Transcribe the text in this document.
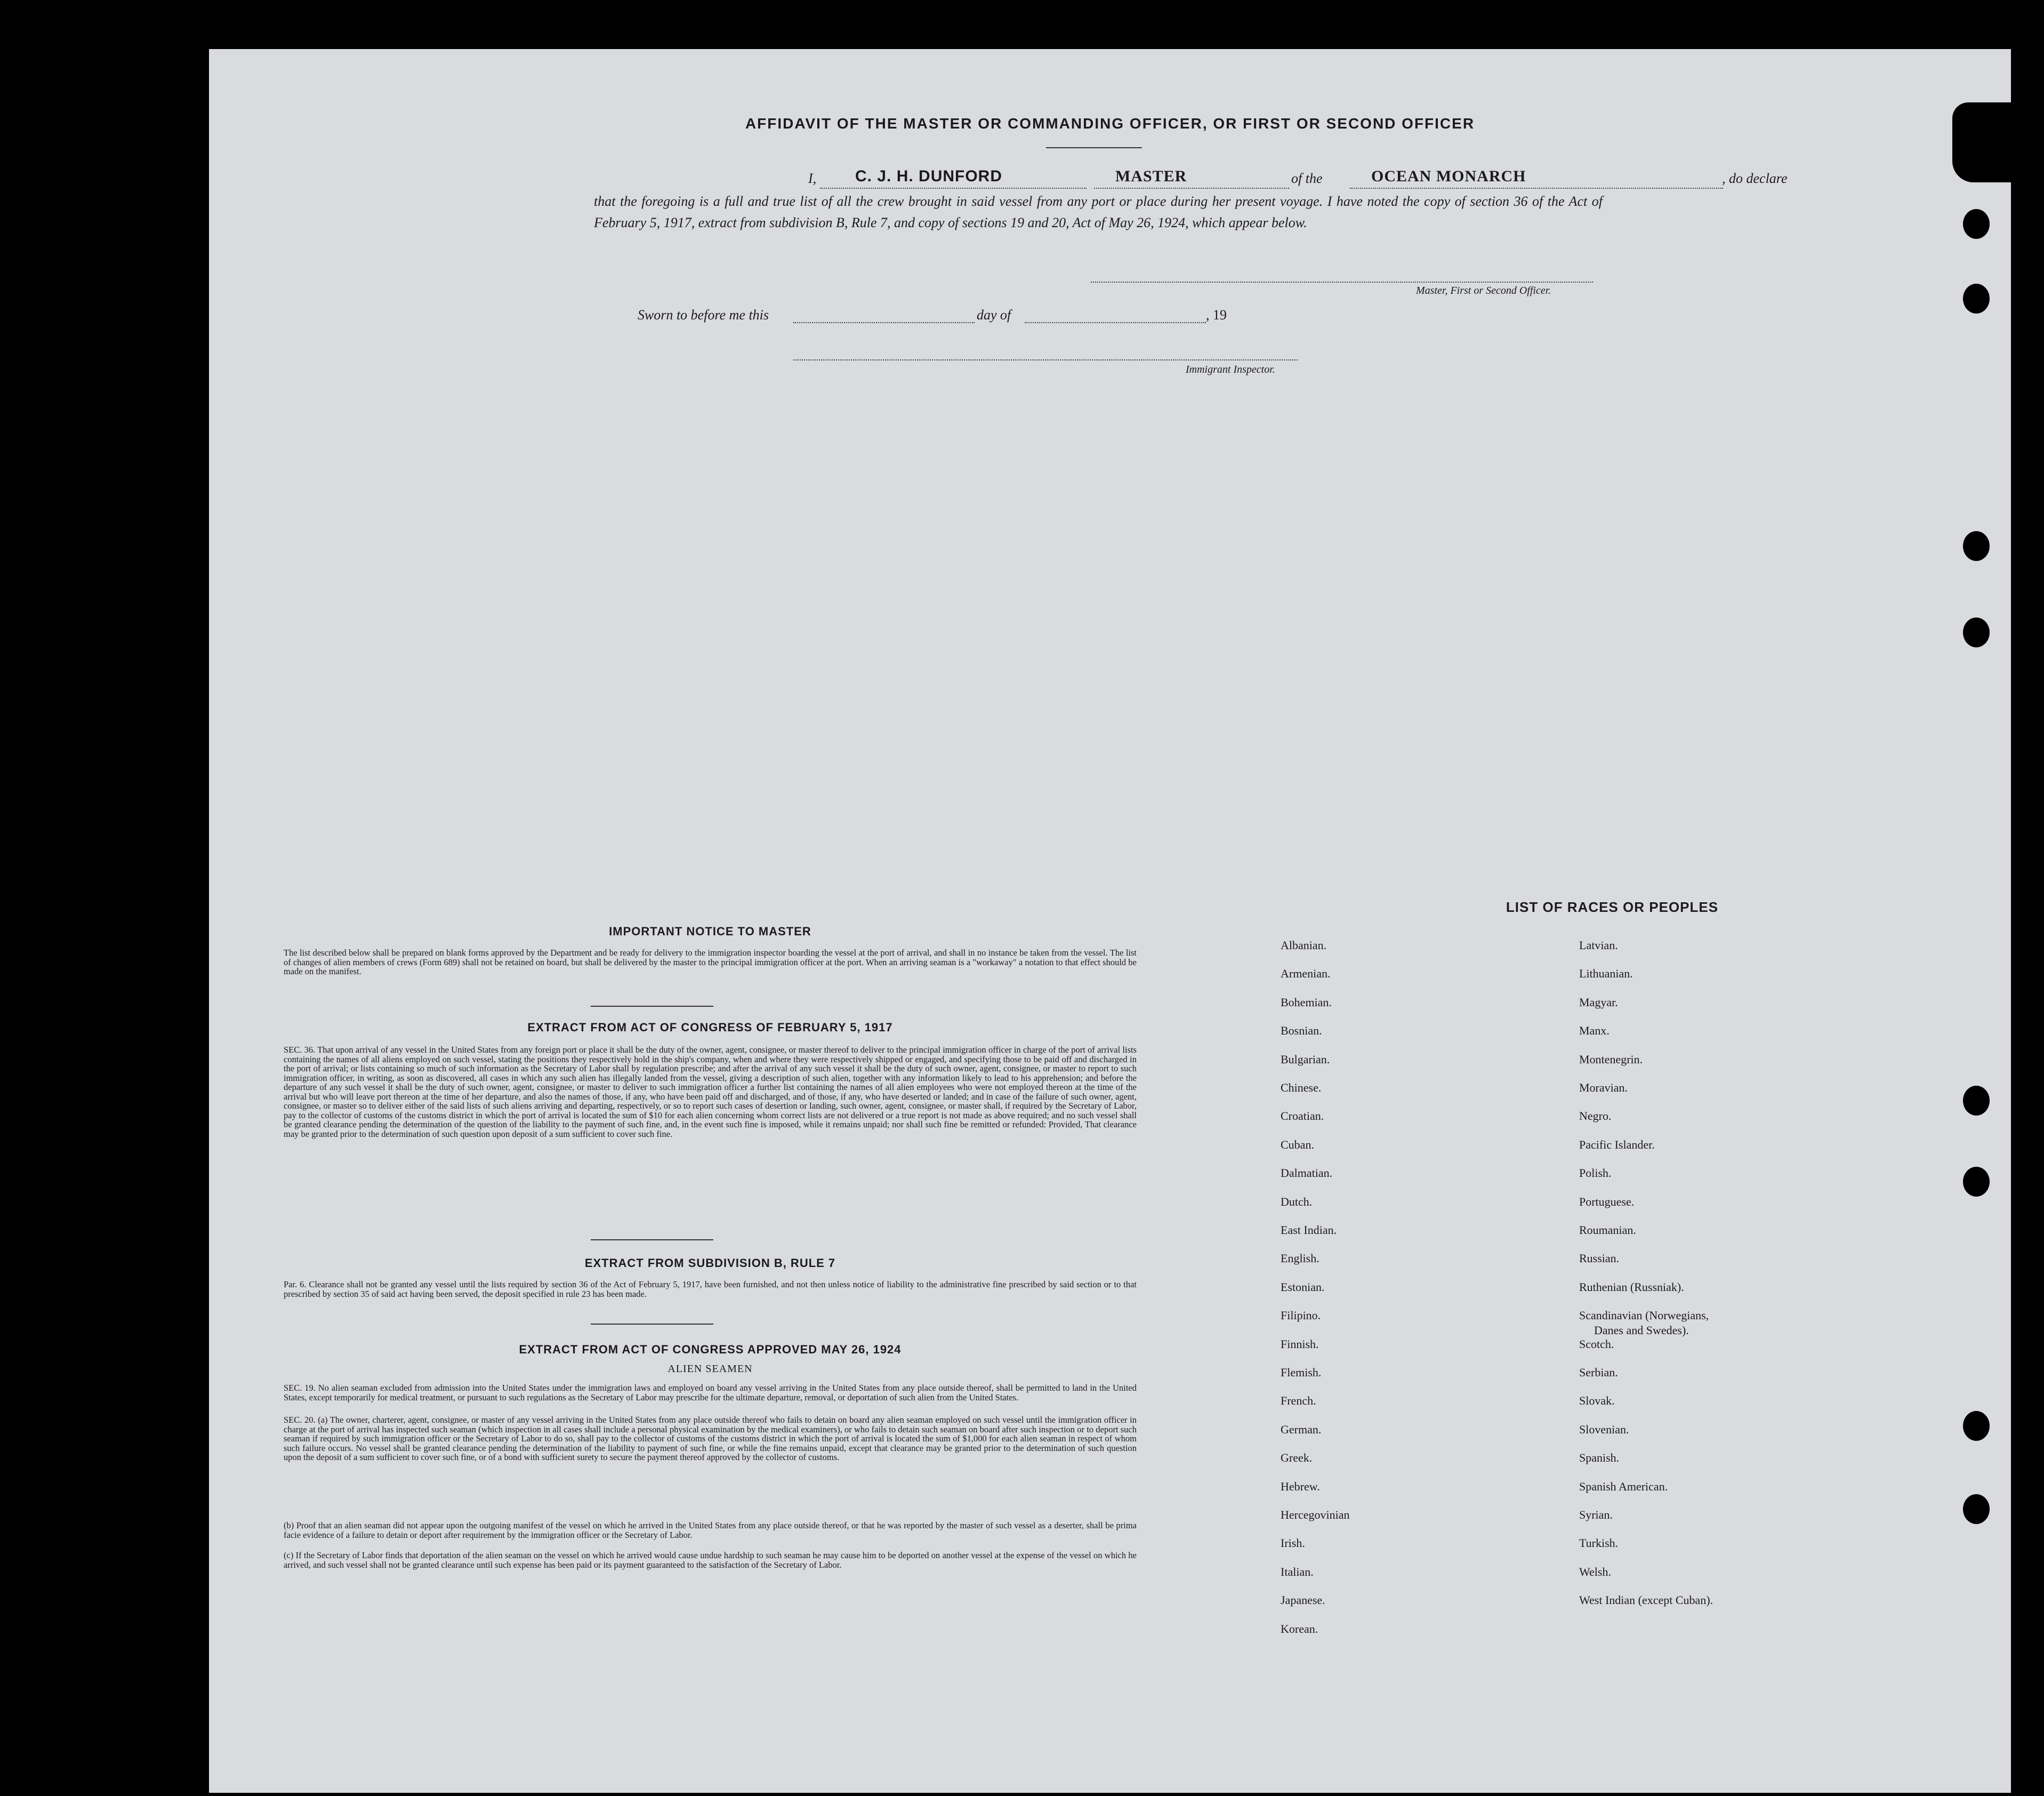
AFFIDAVIT OF THE MASTER OR COMMANDING OFFICER, OR FIRST OR SECOND OFFICER
I, C. J. H. DUNFORD	MASTER	of the	OCEAN MONARCH	, do declare
that the foregoing is a full and true list of all the crew brought in said vessel from any port or place during her present voyage. I have noted the copy of section 36 of the Act of February 5, 1917, extract from subdivision B, Rule 7, and copy of sections 19 and 20, Act of May 26, 1924, which appear below.
Master, First or Second Officer.
Sworn to before me this	day of	, 19
Immigrant Inspector.
IMPORTANT NOTICE TO MASTER
The list described below shall be prepared on blank forms approved by the Department and be ready for delivery to the immigration inspector boarding the vessel at the port of arrival, and shall in no instance be taken from the vessel. The list of changes of alien members of crews (Form 689) shall not be retained on board, but shall be delivered by the master to the principal immigration officer at the port. When an arriving seaman is a "workaway" a notation to that effect should be made on the manifest.
EXTRACT FROM ACT OF CONGRESS OF FEBRUARY 5, 1917
SEC. 36. That upon arrival of any vessel in the United States from any foreign port or place it shall be the duty of the owner, agent, consignee, or master thereof to deliver to the principal immigration officer in charge of the port of arrival lists containing the names of all aliens employed on such vessel, stating the positions they respectively hold in the ship's company, when and where they were respectively shipped or engaged, and specifying those to be paid off and discharged in the port of arrival; or lists containing so much of such information as the Secretary of Labor shall by regulation prescribe; and after the arrival of any such vessel it shall be the duty of such owner, agent, consignee, or master to report to such immigration officer, in writing, as soon as discovered, all cases in which any such alien has illegally landed from the vessel, giving a description of such alien, together with any information likely to lead to his apprehension; and before the departure of any such vessel it shall be the duty of such owner, agent, consignee, or master to deliver to such immigration officer a further list containing the names of all alien employees who were not employed thereon at the time of the arrival but who will leave port thereon at the time of her departure, and also the names of those, if any, who have been paid off and discharged, and of those, if any, who have deserted or landed; and in case of the failure of such owner, agent, consignee, or master so to deliver either of the said lists of such aliens arriving and departing, respectively, or so to report such cases of desertion or landing, such owner, agent, consignee, or master shall, if required by the Secretary of Labor, pay to the collector of customs of the customs district in which the port of arrival is located the sum of $10 for each alien concerning whom correct lists are not delivered or a true report is not made as above required; and no such vessel shall be granted clearance pending the determination of the question of the liability to the payment of such fine, and, in the event such fine is imposed, while it remains unpaid; nor shall such fine be remitted or refunded: Provided, That clearance may be granted prior to the determination of such question upon deposit of a sum sufficient to cover such fine.
EXTRACT FROM SUBDIVISION B, RULE 7
Par. 6. Clearance shall not be granted any vessel until the lists required by section 36 of the Act of February 5, 1917, have been furnished, and not then unless notice of liability to the administrative fine prescribed by said section or to that prescribed by section 35 of said act having been served, the deposit specified in rule 23 has been made.
EXTRACT FROM ACT OF CONGRESS APPROVED MAY 26, 1924
ALIEN SEAMEN
SEC. 19. No alien seaman excluded from admission into the United States under the immigration laws and employed on board any vessel arriving in the United States from any place outside thereof, shall be permitted to land in the United States, except temporarily for medical treatment, or pursuant to such regulations as the Secretary of Labor may prescribe for the ultimate departure, removal, or deportation of such alien from the United States.
SEC. 20. (a) The owner, charterer, agent, consignee, or master of any vessel arriving in the United States from any place outside thereof who fails to detain on board any alien seaman employed on such vessel until the immigration officer in charge at the port of arrival has inspected such seaman (which inspection in all cases shall include a personal physical examination by the medical examiners), or who fails to detain such seaman on board after such inspection or to deport such seaman if required by such immigration officer or the Secretary of Labor to do so, shall pay to the collector of customs of the customs district in which the port of arrival is located the sum of $1,000 for each alien seaman in respect of whom such failure occurs. No vessel shall be granted clearance pending the determination of the liability to payment of such fine, or while the fine remains unpaid, except that clearance may be granted prior to the determination of such question upon the deposit of a sum sufficient to cover such fine, or of a bond with sufficient surety to secure the payment thereof approved by the collector of customs.
(b) Proof that an alien seaman did not appear upon the outgoing manifest of the vessel on which he arrived in the United States from any place outside thereof, or that he was reported by the master of such vessel as a deserter, shall be prima facie evidence of a failure to detain or deport after requirement by the immigration officer or the Secretary of Labor.
(c) If the Secretary of Labor finds that deportation of the alien seaman on the vessel on which he arrived would cause undue hardship to such seaman he may cause him to be deported on another vessel at the expense of the vessel on which he arrived, and such vessel shall not be granted clearance until such expense has been paid or its payment guaranteed to the satisfaction of the Secretary of Labor.
LIST OF RACES OR PEOPLES
Albanian.
Armenian.
Bohemian.
Bosnian.
Bulgarian.
Chinese.
Croatian.
Cuban.
Dalmatian.
Dutch.
East Indian.
English.
Estonian.
Filipino.
Finnish.
Flemish.
French.
German.
Greek.
Hebrew.
Hercegovinian
Irish.
Italian.
Japanese.
Korean.
Latvian.
Lithuanian.
Magyar.
Manx.
Montenegrin.
Moravian.
Negro.
Pacific Islander.
Polish.
Portuguese.
Roumanian.
Russian.
Ruthenian (Russniak).
Scandinavian (Norwegians,
Danes and Swedes).
Scotch.
Serbian.
Slovak.
Slovenian.
Spanish.
Spanish American.
Syrian.
Turkish.
Welsh.
West Indian (except Cuban).
